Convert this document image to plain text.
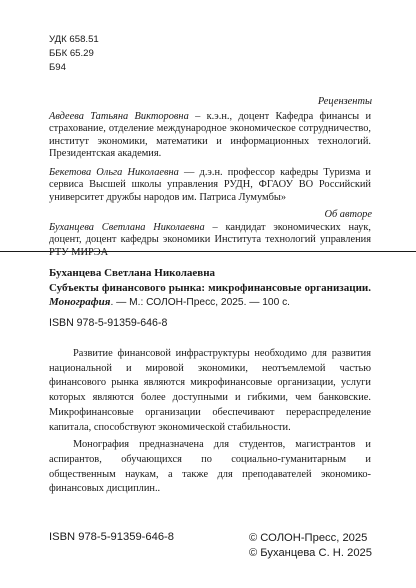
УДК 658.51
ББК 65.29
Б94
Рецензенты
Авдеева Татьяна Викторовна – к.э.н., доцент Кафедра финансы и страхование, отделение международное экономическое сотрудничество, институт экономики, математики и информационных технологий. Президентская академия.
Бекетова Ольга Николаевна — д.э.н. профессор кафедры Туризма и сервиса Высшей школы управления РУДН, ФГАОУ ВО Российский университет дружбы народов им. Патриса Лумумбы»
Об авторе
Буханцева Светлана Николаевна – кандидат экономических наук, доцент, доцент кафедры экономики Института технологий управления РТУ МИРЭА
Буханцева Светлана Николаевна
Субъекты финансового рынка: микрофинансовые организации. Монография. — М.: СОЛОН-Пресс, 2025. — 100 с.
ISBN 978-5-91359-646-8

Развитие финансовой инфраструктуры необходимо для развития национальной и мировой экономики, неотъемлемой частью финансового рынка являются микрофинансовые организации, услуги которых являются более доступными и гибкими, чем банковские. Микрофинансовые организации обеспечивают перераспределение капитала, способствуют экономической стабильности.

Монография предназначена для студентов, магистрантов и аспирантов, обучающихся по социально-гуманитарным и общественным наукам, а также для преподавателей экономико-финансовых дисциплин..

ISBN 978-5-91359-646-8	© СОЛОН-Пресс, 2025
© Буханцева С. Н. 2025
